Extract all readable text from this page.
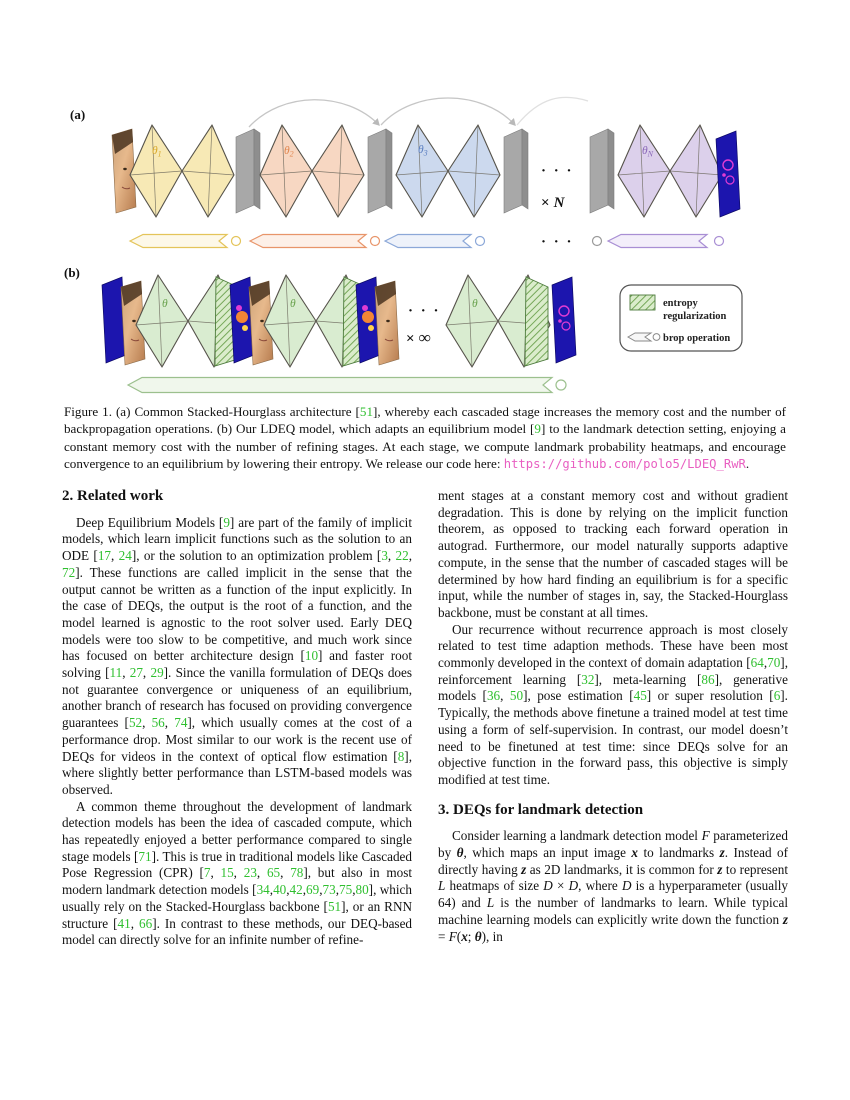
(a)
$\theta_1$	$\theta_2$	$\theta_3$
· · ·
× N
$\theta_N$
· · ·
(b)
θ	θ	· · ·
× ∞
θ	entropy
regularization
brop operation
Figure 1. (a) Common Stacked-Hourglass architecture [51], whereby each cascaded stage increases the memory cost and the number of backpropagation operations. (b) Our LDEQ model, which adapts an equilibrium model [9] to the landmark detection setting, enjoying a constant memory cost with the number of refining stages. At each stage, we compute landmark probability heatmaps, and encourage convergence to an equilibrium by lowering their entropy. We release our code here: https://github.com/polo5/LDEQ_RwR.
2. Related work

Deep Equilibrium Models [9] are part of the family of implicit models, which learn implicit functions such as the solution to an ODE [17, 24], or the solution to an optimization problem [3, 22, 72]. These functions are called implicit in the sense that the output cannot be written as a function of the input explicitly. In the case of DEQs, the output is the root of a function, and the model learned is agnostic to the root solver used. Early DEQ models were too slow to be competitive, and much work since has focused on better architecture design [10] and faster root solving [11, 27, 29]. Since the vanilla formulation of DEQs does not guarantee convergence or uniqueness of an equilibrium, another branch of research has focused on providing convergence guarantees [52, 56, 74], which usually comes at the cost of a performance drop. Most similar to our work is the recent use of DEQs for videos in the context of optical flow estimation [8], where slightly better performance than LSTM-based models was observed.

A common theme throughout the development of landmark detection models has been the idea of cascaded compute, which has repeatedly enjoyed a better performance compared to single stage models [71]. This is true in traditional models like Cascaded Pose Regression (CPR) [7, 15, 23, 65, 78], but also in most modern landmark detection models [34,40,42,69,73,75,80], which usually rely on the Stacked-Hourglass backbone [51], or an RNN structure [41, 66]. In contrast to these methods, our DEQ-based model can directly solve for an infinite number of refine-

ment stages at a constant memory cost and without gradient degradation. This is done by relying on the implicit function theorem, as opposed to tracking each forward operation in autograd. Furthermore, our model naturally supports adaptive compute, in the sense that the number of cascaded stages will be determined by how hard finding an equilibrium is for a specific input, while the number of stages in, say, the Stacked-Hourglass backbone, must be constant at all times.

Our recurrence without recurrence approach is most closely related to test time adaption methods. These have been most commonly developed in the context of domain adaptation [64,70], reinforcement learning [32], meta-learning [86], generative models [36, 50], pose estimation [45] or super resolution [6]. Typically, the methods above finetune a trained model at test time using a form of self-supervision. In contrast, our model doesn’t need to be finetuned at test time: since DEQs solve for an objective function in the forward pass, this objective is simply modified at test time.

3. DEQs for landmark detection

Consider learning a landmark detection model F parameterized by θ, which maps an input image x to landmarks z. Instead of directly having z as 2D landmarks, it is common for z to represent L heatmaps of size D × D, where D is a hyperparameter (usually 64) and L is the number of landmarks to learn. While typical machine learning models can explicitly write down the function z = F(x; θ), in
